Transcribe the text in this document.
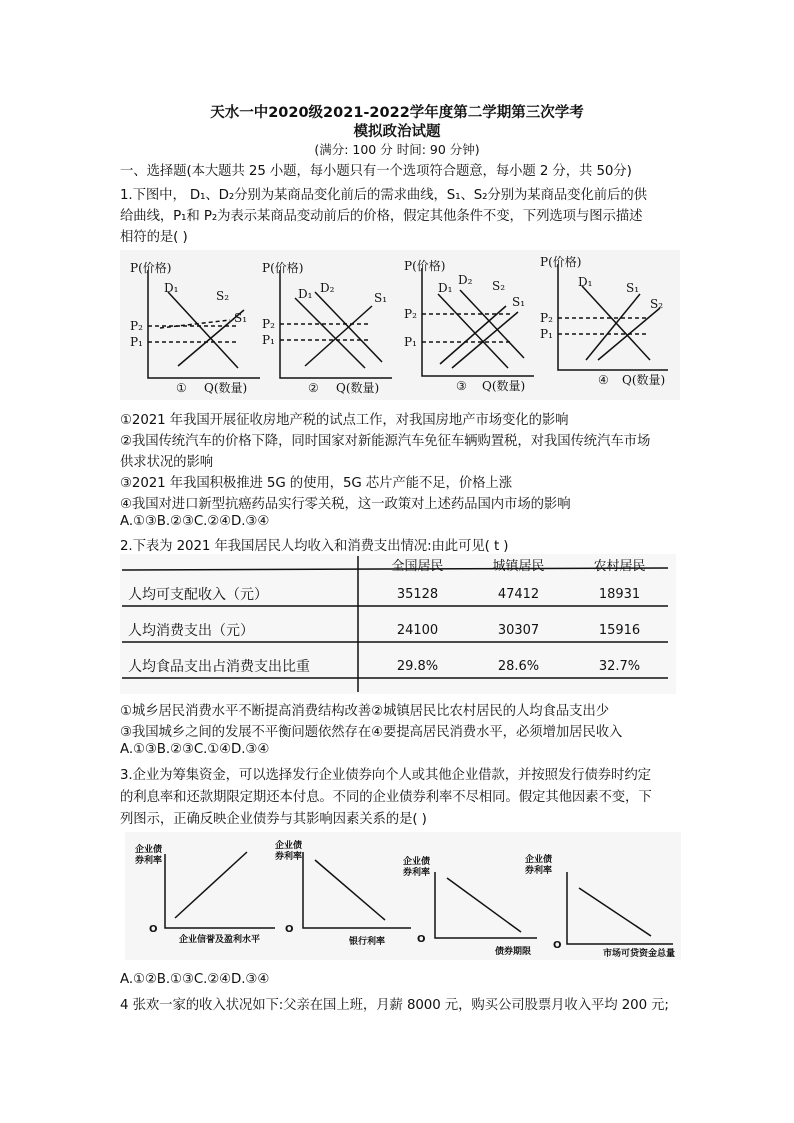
天水一中2020级2021-2022学年度第二学期第三次学考
模拟政治试题
(满分: 100 分 时间: 90 分钟)
一、选择题(本大题共 25 小题，每小题只有一个选项符合题意，每小题 2 分，共 50分)
1.下图中， D₁、D₂分别为某商品变化前后的需求曲线，S₁、S₂分别为某商品变化前后的供
给曲线，P₁和 P₂为表示某商品变动前后的价格，假定其他条件不变，下列选项与图示描述
相符的是( )
P(价格)
D₁
S₂
S₁
P₂
P₁
① Q(数量)
P(价格)
D₁ D₂
S₁
P₂
P₁
② Q(数量)
P(价格)
D₁
D₂ S₂
S₁
P₂
P₁
③ Q(数量)
P(价格)
D₁	S₁
S₂
P₂
P₁
④ Q(数量)
①2021 年我国开展征收房地产税的试点工作，对我国房地产市场变化的影响
②我国传统汽车的价格下降，同时国家对新能源汽车免征车辆购置税，对我国传统汽车市场
供求状况的影响
③2021 年我国积极推进 5G 的使用，5G 芯片产能不足，价格上涨
④我国对进口新型抗癌药品实行零关税，这一政策对上述药品国内市场的影响
A.①③B.②③C.②④D.③④
2.下表为 2021 年我国居民人均收入和消费支出情况:由此可见( t )
	全国居民	城镇居民	农村居民
人均可支配收入（元）	35128	47412	18931
人均消费支出（元）	24100	30307	15916
人均食品支出占消费支出比重	29.8%	28.6%	32.7%
①城乡居民消费水平不断提高消费结构改善②城镇居民比农村居民的人均食品支出少
③我国城乡之间的发展不平衡问题依然存在④要提高居民消费水平，必须增加居民收入
A.①③B.②③C.①④D.③④
3.企业为筹集资金，可以选择发行企业债券向个人或其他企业借款，并按照发行债券时约定
的利息率和还款期限定期还本付息。不同的企业债券利率不尽相同。假定其他因素不变，下
列图示，正确反映企业债券与其影响因素关系的是( )
企业债
券利率
O
企业信誉及盈利水平
企业债
券利率
O
银行利率
企业债
券利率
O
债券期限
企业债
券利率
O
市场可贷资金总量
A.①②B.①③C.②④D.③④
4 张欢一家的收入状况如下:父亲在国上班，月薪 8000 元，购买公司股票月收入平均 200 元;
